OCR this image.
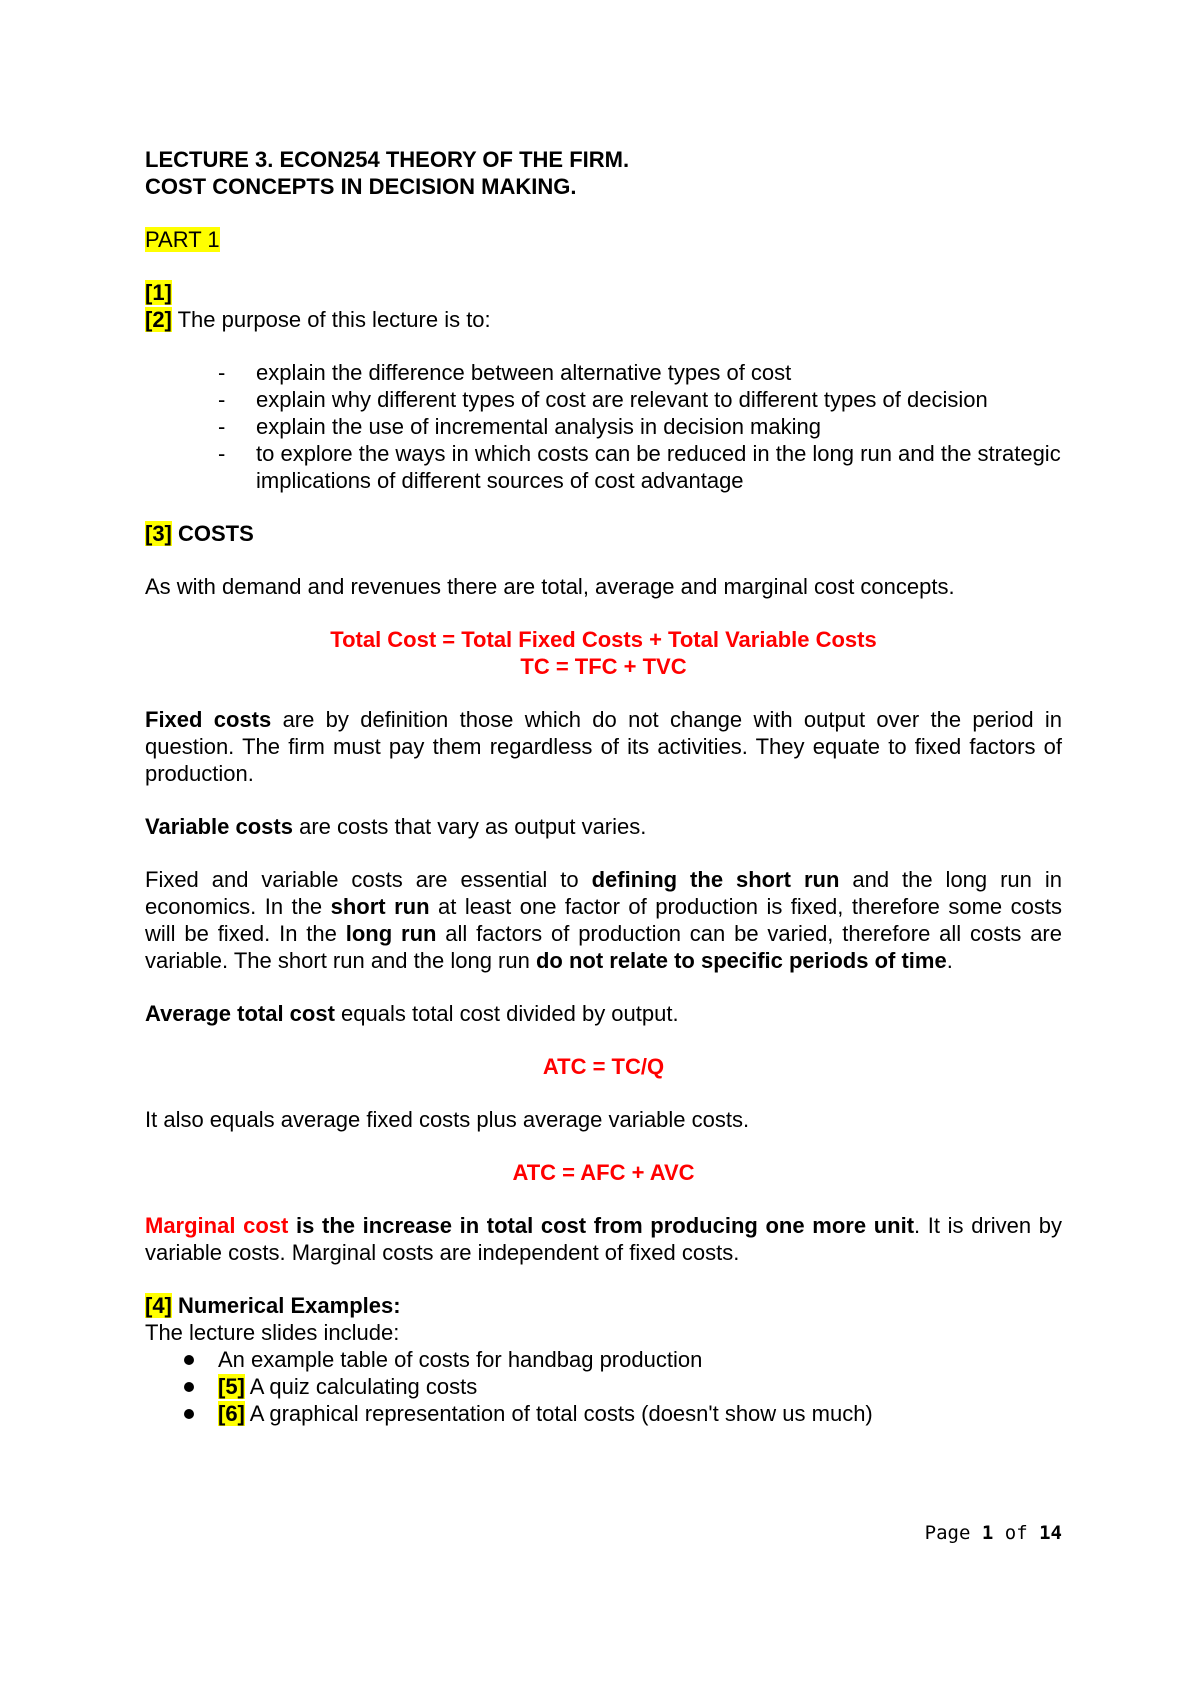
LECTURE 3. ECON254 THEORY OF THE FIRM.
COST CONCEPTS IN DECISION MAKING.
PART 1
[1]
[2] The purpose of this lecture is to:
- explain the difference between alternative types of cost
- explain why different types of cost are relevant to different types of decision
- explain the use of incremental analysis in decision making
- to explore the ways in which costs can be reduced in the long run and the strategic implications of different sources of cost advantage
[3] COSTS
As with demand and revenues there are total, average and marginal cost concepts.
Total Cost = Total Fixed Costs + Total Variable Costs
TC = TFC + TVC
Fixed costs are by definition those which do not change with output over the period in question. The firm must pay them regardless of its activities. They equate to fixed factors of production.
Variable costs are costs that vary as output varies.
Fixed and variable costs are essential to defining the short run and the long run in economics. In the short run at least one factor of production is fixed, therefore some costs will be fixed. In the long run all factors of production can be varied, therefore all costs are variable. The short run and the long run do not relate to specific periods of time.
Average total cost equals total cost divided by output.
ATC = TC/Q
It also equals average fixed costs plus average variable costs.
ATC = AFC + AVC
Marginal cost is the increase in total cost from producing one more unit. It is driven by variable costs. Marginal costs are independent of fixed costs.
[4] Numerical Examples:
The lecture slides include:
An example table of costs for handbag production
[5] A quiz calculating costs
[6] A graphical representation of total costs (doesn't show us much)
Page 1 of 14
